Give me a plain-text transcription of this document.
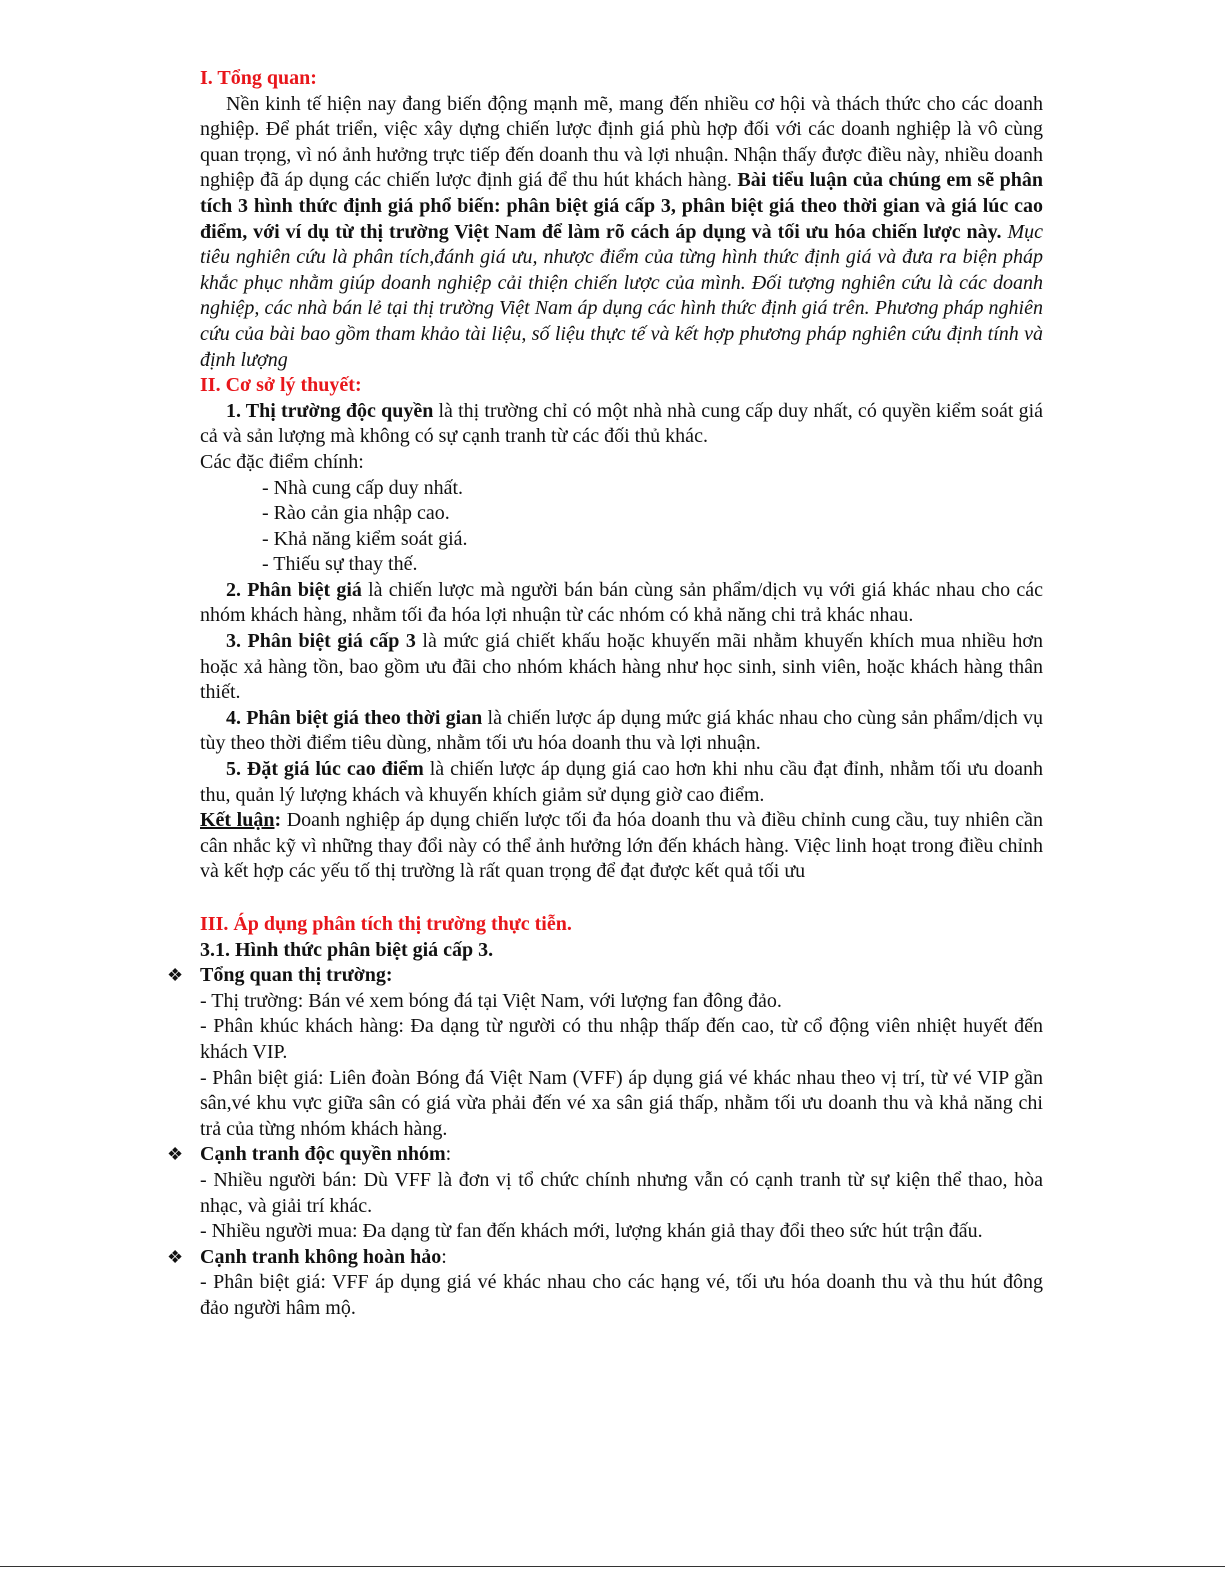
I. Tổng quan:

Nền kinh tế hiện nay đang biến động mạnh mẽ, mang đến nhiều cơ hội và thách thức cho các doanh nghiệp. Để phát triển, việc xây dựng chiến lược định giá phù hợp đối với các doanh nghiệp là vô cùng quan trọng, vì nó ảnh hưởng trực tiếp đến doanh thu và lợi nhuận. Nhận thấy được điều này, nhiều doanh nghiệp đã áp dụng các chiến lược định giá để thu hút khách hàng. Bài tiểu luận của chúng em sẽ phân tích 3 hình thức định giá phổ biến: phân biệt giá cấp 3, phân biệt giá theo thời gian và giá lúc cao điểm, với ví dụ từ thị trường Việt Nam để làm rõ cách áp dụng và tối ưu hóa chiến lược này. Mục tiêu nghiên cứu là phân tích,đánh giá ưu, nhược điểm của từng hình thức định giá và đưa ra biện pháp khắc phục nhằm giúp doanh nghiệp cải thiện chiến lược của mình. Đối tượng nghiên cứu là các doanh nghiệp, các nhà bán lẻ tại thị trường Việt Nam áp dụng các hình thức định giá trên. Phương pháp nghiên cứu của bài bao gồm tham khảo tài liệu, số liệu thực tế và kết hợp phương pháp nghiên cứu định tính và định lượng

II. Cơ sở lý thuyết:

1. Thị trường độc quyền là thị trường chỉ có một nhà nhà cung cấp duy nhất, có quyền kiểm soát giá cả và sản lượng mà không có sự cạnh tranh từ các đối thủ khác.

Các đặc điểm chính:

- Nhà cung cấp duy nhất.

- Rào cản gia nhập cao.

- Khả năng kiểm soát giá.

- Thiếu sự thay thế.

2. Phân biệt giá là chiến lược mà người bán bán cùng sản phẩm/dịch vụ với giá khác nhau cho các nhóm khách hàng, nhằm tối đa hóa lợi nhuận từ các nhóm có khả năng chi trả khác nhau.

3. Phân biệt giá cấp 3 là mức giá chiết khấu hoặc khuyến mãi nhằm khuyến khích mua nhiều hơn hoặc xả hàng tồn, bao gồm ưu đãi cho nhóm khách hàng như học sinh, sinh viên, hoặc khách hàng thân thiết.

4. Phân biệt giá theo thời gian là chiến lược áp dụng mức giá khác nhau cho cùng sản phẩm/dịch vụ tùy theo thời điểm tiêu dùng, nhằm tối ưu hóa doanh thu và lợi nhuận.

5. Đặt giá lúc cao điểm là chiến lược áp dụng giá cao hơn khi nhu cầu đạt đỉnh, nhằm tối ưu doanh thu, quản lý lượng khách và khuyến khích giảm sử dụng giờ cao điểm.

Kết luận: Doanh nghiệp áp dụng chiến lược tối đa hóa doanh thu và điều chỉnh cung cầu, tuy nhiên cần cân nhắc kỹ vì những thay đổi này có thể ảnh hưởng lớn đến khách hàng. Việc linh hoạt trong điều chỉnh và kết hợp các yếu tố thị trường là rất quan trọng để đạt được kết quả tối ưu

III. Áp dụng phân tích thị trường thực tiễn.

3.1. Hình thức phân biệt giá cấp 3.

❖ Tổng quan thị trường:

- Thị trường: Bán vé xem bóng đá tại Việt Nam, với lượng fan đông đảo.

- Phân khúc khách hàng: Đa dạng từ người có thu nhập thấp đến cao, từ cổ động viên nhiệt huyết đến khách VIP.

- Phân biệt giá: Liên đoàn Bóng đá Việt Nam (VFF) áp dụng giá vé khác nhau theo vị trí, từ vé VIP gần sân,vé khu vực giữa sân có giá vừa phải đến vé xa sân giá thấp, nhằm tối ưu doanh thu và khả năng chi trả của từng nhóm khách hàng.

❖ Cạnh tranh độc quyền nhóm:

- Nhiều người bán: Dù VFF là đơn vị tổ chức chính nhưng vẫn có cạnh tranh từ sự kiện thể thao, hòa nhạc, và giải trí khác.

- Nhiều người mua: Đa dạng từ fan đến khách mới, lượng khán giả thay đổi theo sức hút trận đấu.

❖ Cạnh tranh không hoàn hảo:

- Phân biệt giá: VFF áp dụng giá vé khác nhau cho các hạng vé, tối ưu hóa doanh thu và thu hút đông đảo người hâm mộ.
